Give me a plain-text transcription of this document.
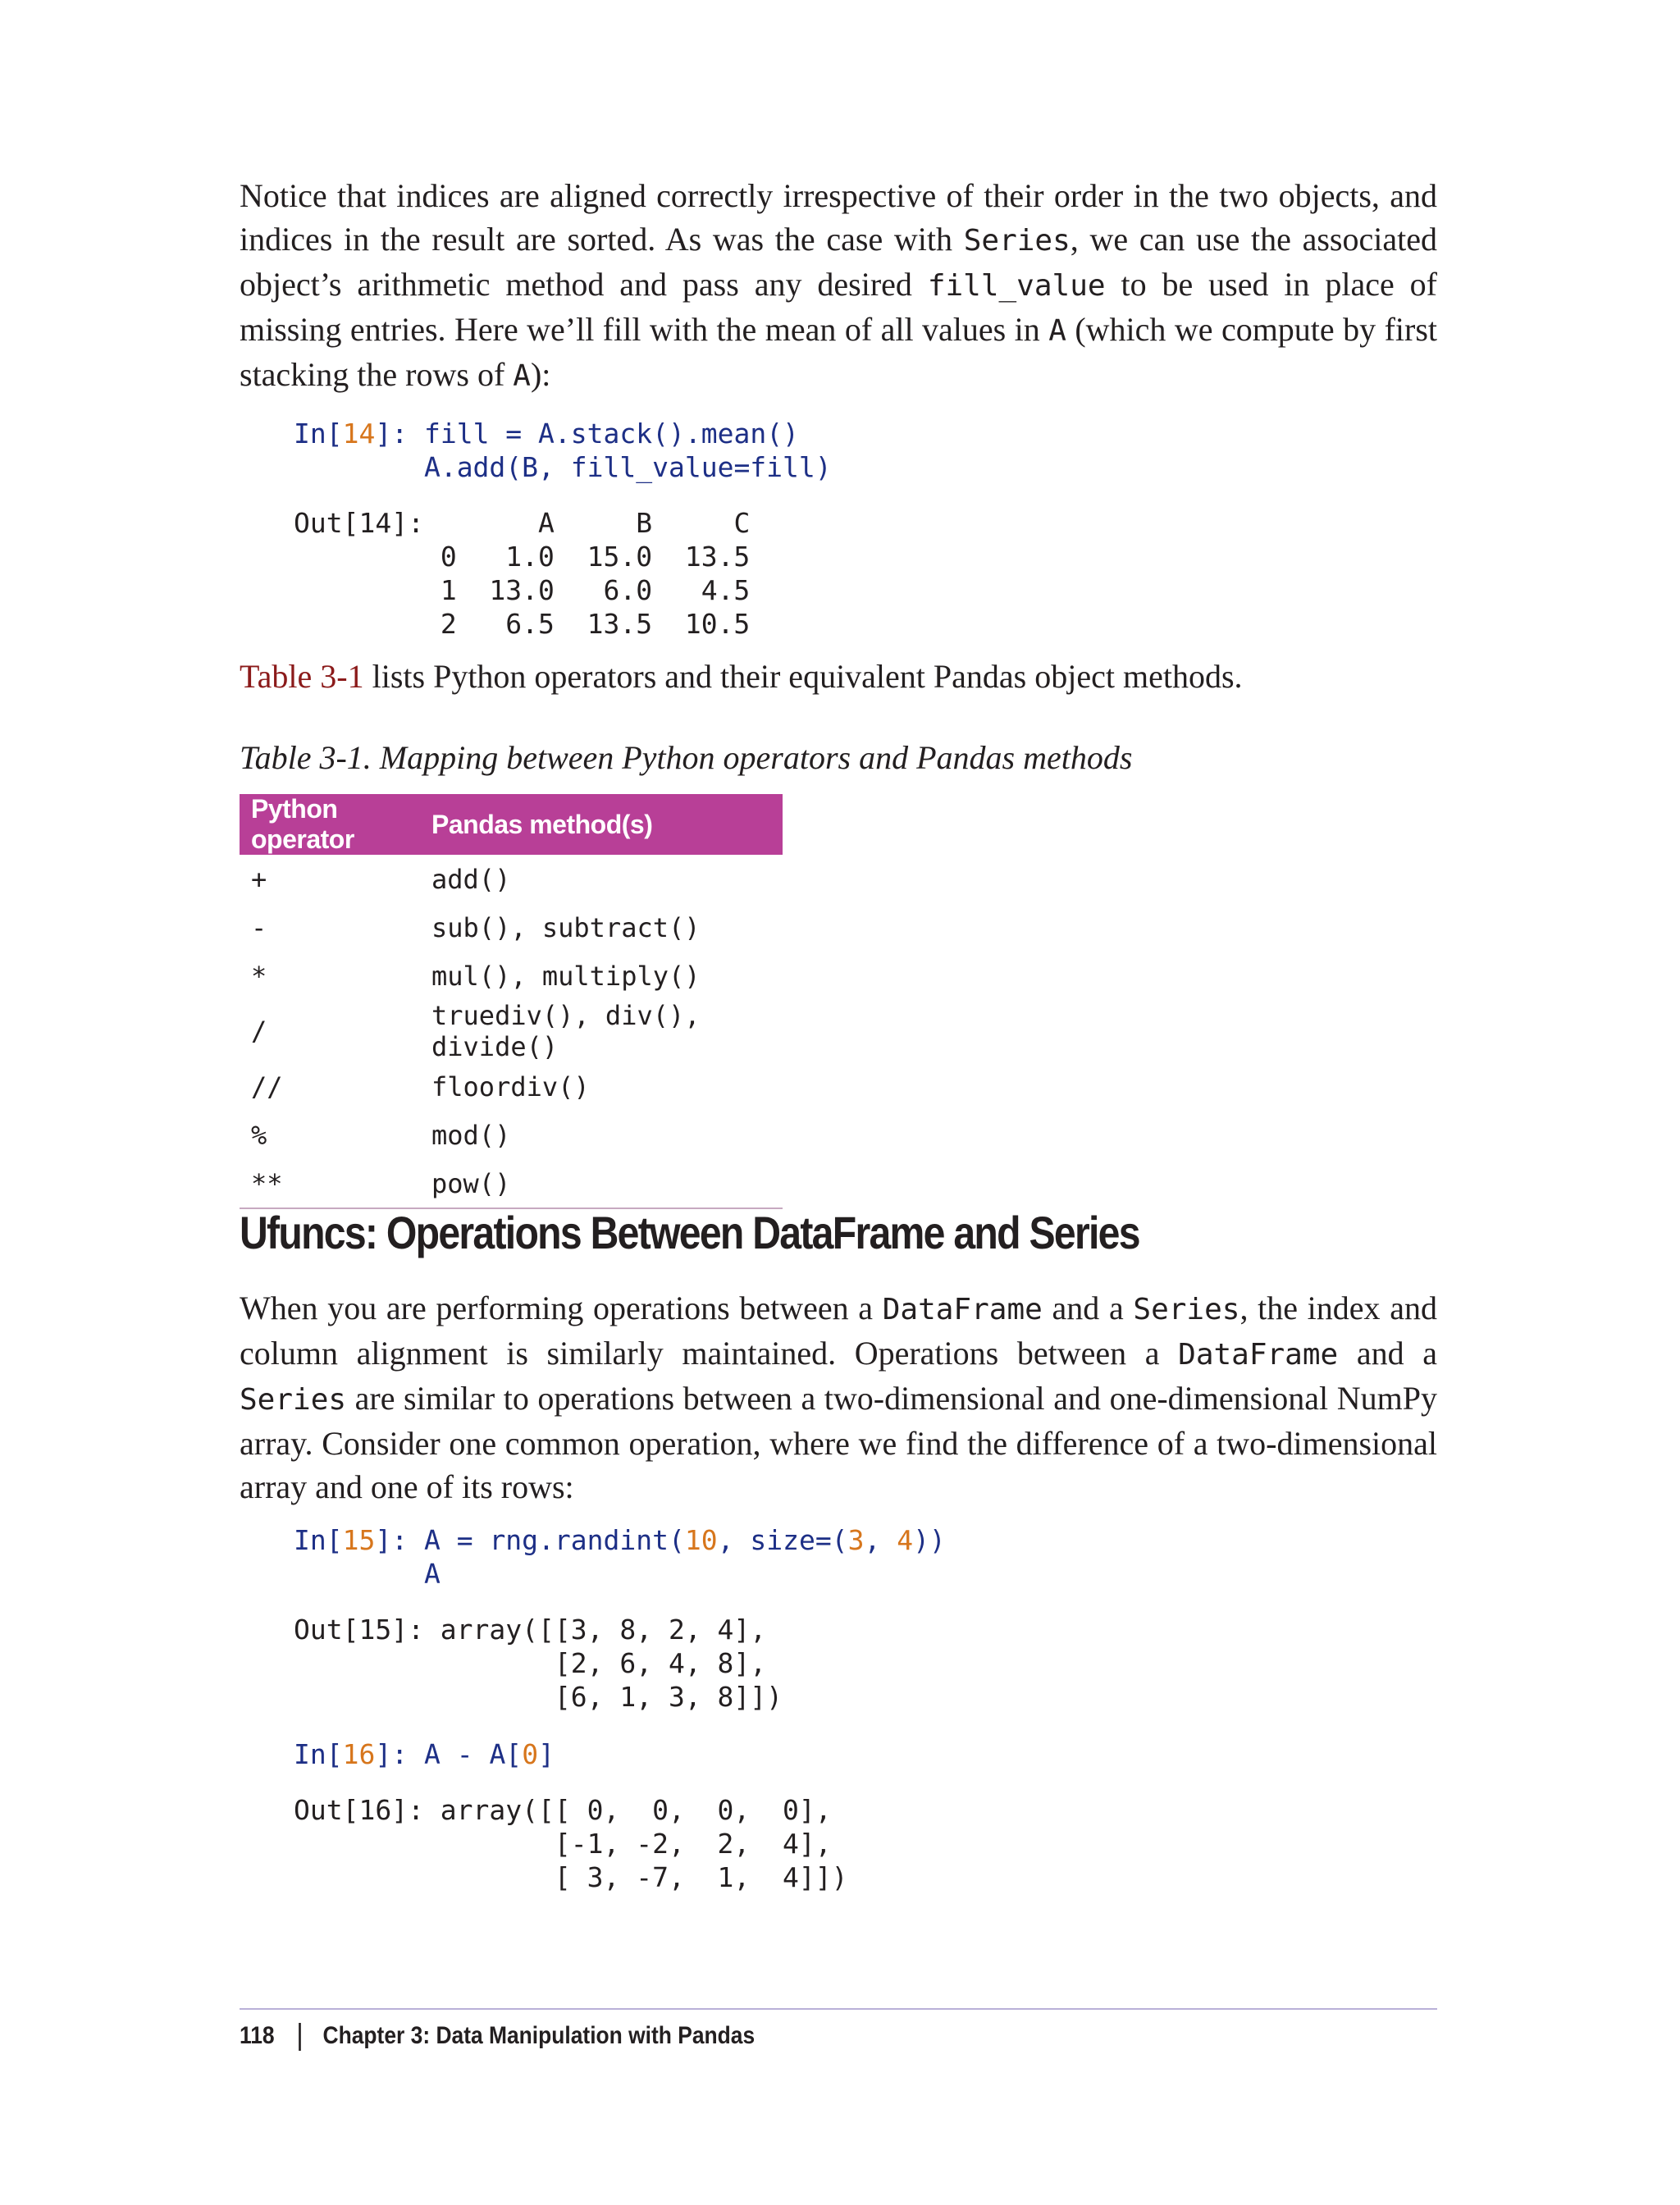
Notice that indices are aligned correctly irrespective of their order in the two objects, and indices in the result are sorted. As was the case with Series, we can use the associated object’s arithmetic method and pass any desired fill_value to be used in place of missing entries. Here we’ll fill with the mean of all values in A (which we compute by first stacking the rows of A):

In[14]: fill = A.stack().mean()
A.add(B, fill_value=fill)
Out[14]:       A     B     C
0   1.0  15.0  13.5
1  13.0   6.0   4.5
2   6.5  13.5  10.5

Table 3-1 lists Python operators and their equivalent Pandas object methods.

Table 3-1. Mapping between Python operators and Pandas methods

Python operator	Pandas method(s)
+	add()
-	sub(), subtract()
*	mul(), multiply()
/	truediv(), div(), divide()
//	floordiv()
%	mod()
**	pow()
Ufuncs: Operations Between DataFrame and Series

When you are performing operations between a DataFrame and a Series, the index and column alignment is similarly maintained. Operations between a DataFrame and a Series are similar to operations between a two-dimensional and one-dimensional NumPy array. Consider one common operation, where we find the difference of a two-dimensional array and one of its rows:

In[15]: A = rng.randint(10, size=(3, 4))
A
Out[15]: array([[3, 8, 2, 4],
[2, 6, 4, 8],
[6, 1, 3, 8]])
In[16]: A - A[0]
Out[16]: array([[ 0,  0,  0,  0],
[-1, -2,  2,  4],
[ 3, -7,  1,  4]])
118 Chapter 3: Data Manipulation with Pandas
